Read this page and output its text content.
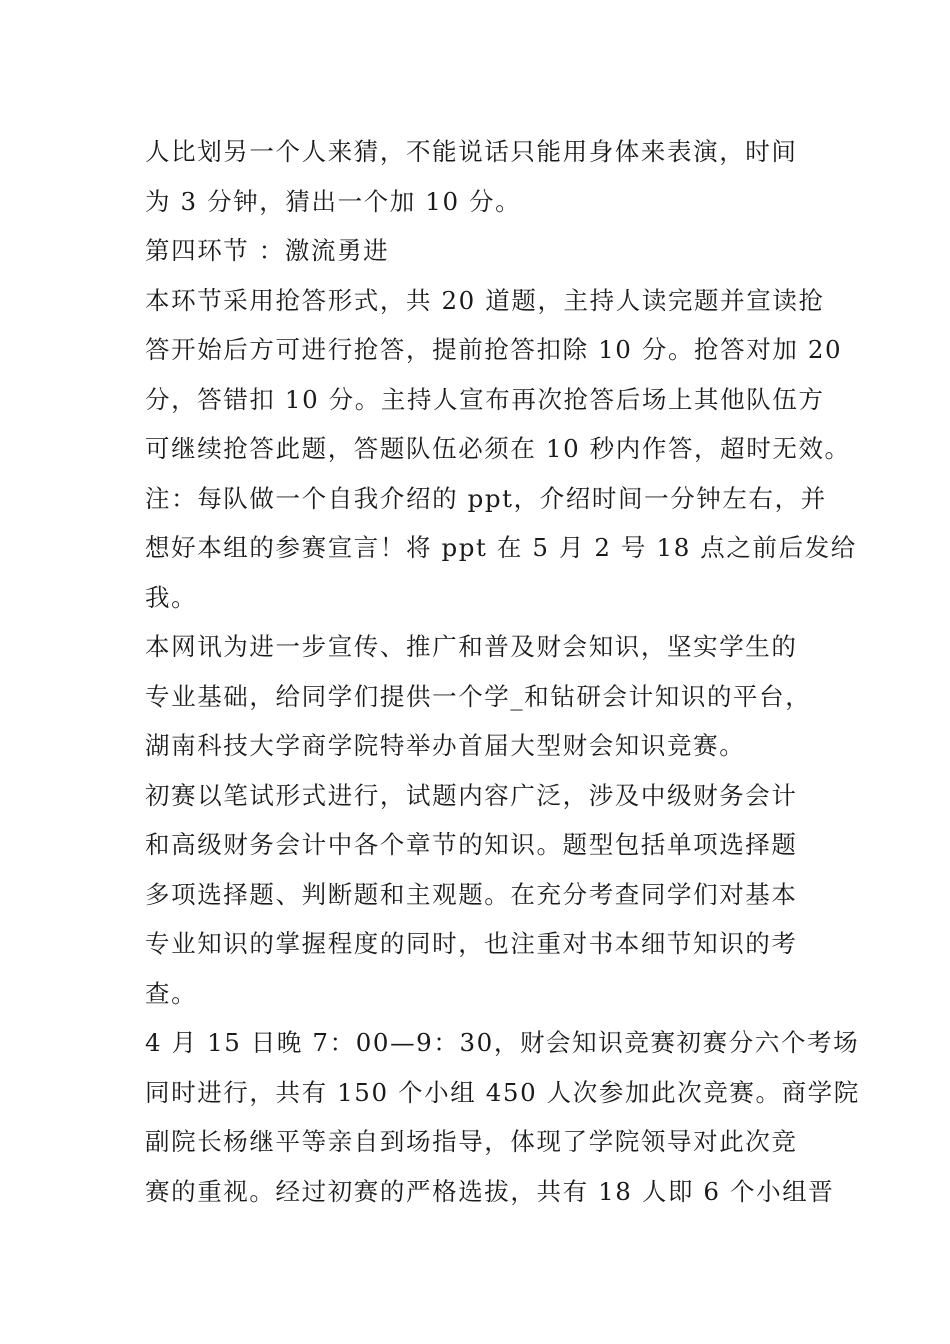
人比划另一个人来猜，不能说话只能用身体来表演，时间
为 3 分钟，猜出一个加 10 分。
第四环节 ：激流勇进
本环节采用抢答形式，共 20 道题，主持人读完题并宣读抢
答开始后方可进行抢答，提前抢答扣除 10 分。抢答对加 20
分，答错扣 10 分。主持人宣布再次抢答后场上其他队伍方
可继续抢答此题，答题队伍必须在 10 秒内作答，超时无效。
注：每队做一个自我介绍的 ppt，介绍时间一分钟左右，并
想好本组的参赛宣言！将 ppt 在 5 月 2 号 18 点之前后发给
我。
本网讯为进一步宣传、推广和普及财会知识，坚实学生的
专业基础，给同学们提供一个学_和钻研会计知识的平台，
湖南科技大学商学院特举办首届大型财会知识竞赛。
初赛以笔试形式进行，试题内容广泛，涉及中级财务会计
和高级财务会计中各个章节的知识。题型包括单项选择题
多项选择题、判断题和主观题。在充分考查同学们对基本
专业知识的掌握程度的同时，也注重对书本细节知识的考
查。
4 月 15 日晚 7：00—9：30，财会知识竞赛初赛分六个考场
同时进行，共有 150 个小组 450 人次参加此次竞赛。商学院
副院长杨继平等亲自到场指导，体现了学院领导对此次竞
赛的重视。经过初赛的严格选拔，共有 18 人即 6 个小组晋
